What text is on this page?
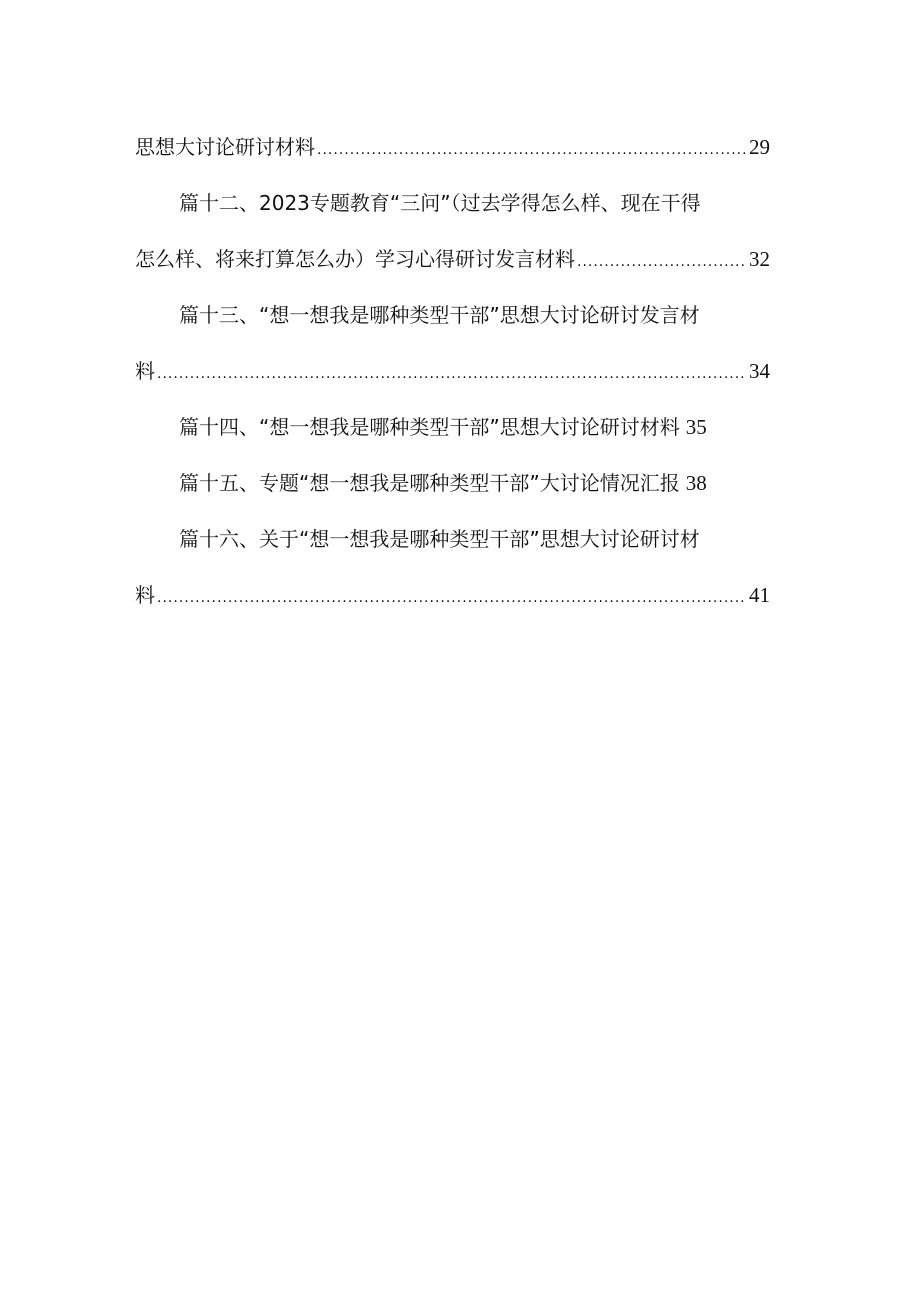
思想大讨论研讨材料 .....	29
篇十二、2023专题教育“三问”（过去学得怎么样、现在干得
怎么样、将来打算怎么办）学习心得研讨发言材料 .....	32
篇十三、“想一想我是哪种类型干部”思想大讨论研讨发言材
料 .....	34
篇十四、“想一想我是哪种类型干部”思想大讨论研讨材料 35
篇十五、专题“想一想我是哪种类型干部”大讨论情况汇报 38
篇十六、关于“想一想我是哪种类型干部”思想大讨论研讨材
料 .....	41
